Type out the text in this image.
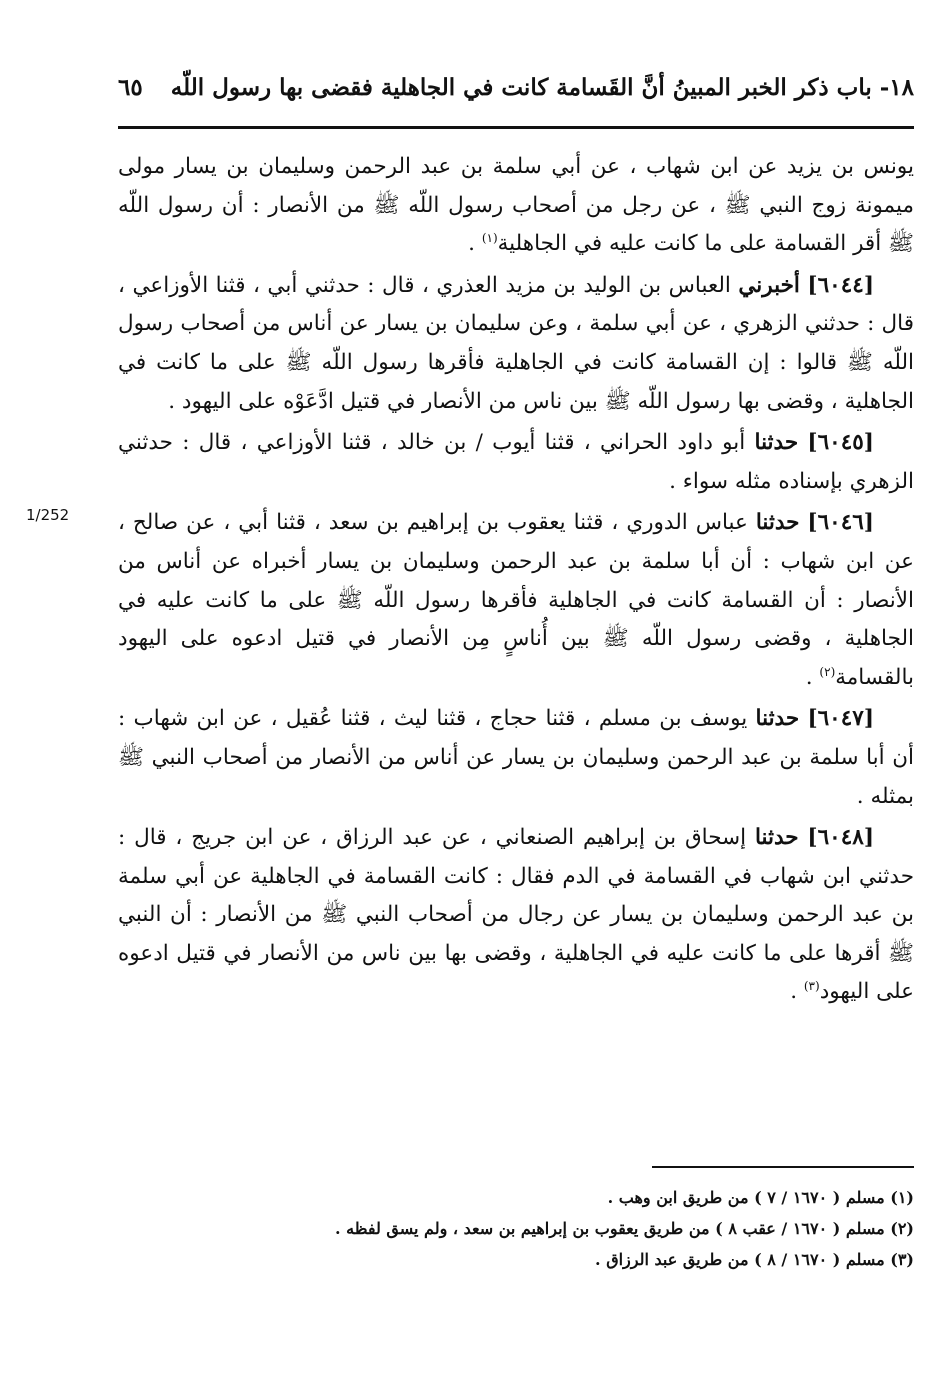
١٨- باب ذكر الخبر المبينُ أنَّ القَسامة كانت في الجاهلية فقضى بها رسول اللّه
٦٥
1/252

يونس بن يزيد عن ابن شهاب ، عن أبي سلمة بن عبد الرحمن وسليمان بن يسار مولى ميمونة زوج النبي ﷺ ، عن رجل من أصحاب رسول اللّه ﷺ من الأنصار : أن رسول اللّه ﷺ أقر القسامة على ما كانت عليه في الجاهلية$^{(١)}$ .

[٦٠٤٤] أخبرني العباس بن الوليد بن مزيد العذري ، قال : حدثني أبي ، قثنا الأوزاعي ، قال : حدثني الزهري ، عن أبي سلمة ، وعن سليمان بن يسار عن أناس من أصحاب رسول اللّه ﷺ قالوا : إن القسامة كانت في الجاهلية فأقرها رسول اللّه ﷺ على ما كانت في الجاهلية ، وقضى بها رسول اللّه ﷺ بين ناس من الأنصار في قتيل ادَّعَوْه على اليهود .

[٦٠٤٥] حدثنا أبو داود الحراني ، قثنا أيوب / بن خالد ، قثنا الأوزاعي ، قال : حدثني الزهري بإسناده مثله سواء .

[٦٠٤٦] حدثنا عباس الدوري ، قثنا يعقوب بن إبراهيم بن سعد ، قثنا أبي ، عن صالح ، عن ابن شهاب : أن أبا سلمة بن عبد الرحمن وسليمان بن يسار أخبراه عن أناس من الأنصار : أن القسامة كانت في الجاهلية فأقرها رسول اللّه ﷺ على ما كانت عليه في الجاهلية ، وقضى رسول اللّه ﷺ بين أُناسٍ مِن الأنصار في قتيل ادعوه على اليهود بالقسامة$^{(٢)}$ .

[٦٠٤٧] حدثنا يوسف بن مسلم ، قثنا حجاج ، قثنا ليث ، قثنا عُقيل ، عن ابن شهاب : أن أبا سلمة بن عبد الرحمن وسليمان بن يسار عن أناس من الأنصار من أصحاب النبي ﷺ بمثله .

[٦٠٤٨] حدثنا إسحاق بن إبراهيم الصنعاني ، عن عبد الرزاق ، عن ابن جريج ، قال : حدثني ابن شهاب في القسامة في الدم فقال : كانت القسامة في الجاهلية عن أبي سلمة بن عبد الرحمن وسليمان بن يسار عن رجال من أصحاب النبي ﷺ من الأنصار : أن النبي ﷺ أقرها على ما كانت عليه في الجاهلية ، وقضى بها بين ناس من الأنصار في قتيل ادعوه على اليهود$^{(٣)}$ .

(١) مسلم ( ١٦٧٠ / ٧ ) من طريق ابن وهب .
(٢) مسلم ( ١٦٧٠ / عقب ٨ ) من طريق يعقوب بن إبراهيم بن سعد ، ولم يسق لفظه .
(٣) مسلم ( ١٦٧٠ / ٨ ) من طريق عبد الرزاق .
